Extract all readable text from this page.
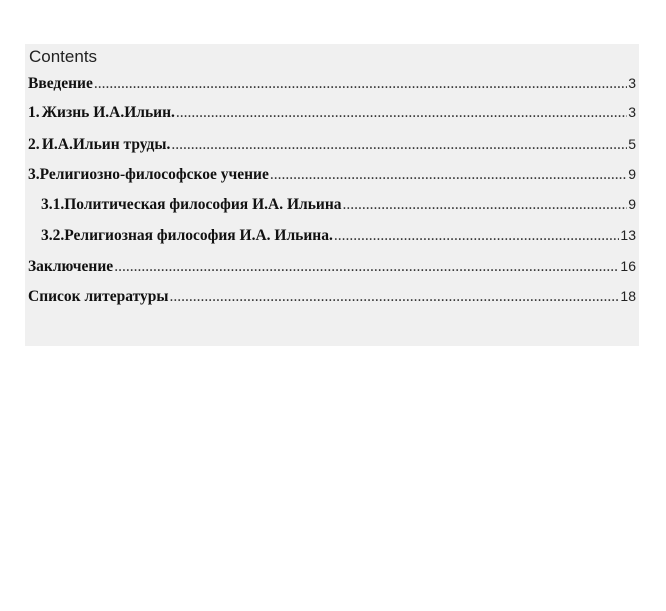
Contents
Введение .....	3
1. Жизнь И.А.Ильин. .....	3
2. И.А.Ильин труды. .....	5
3. Религиозно-философское учение .....	9
3.1. Политическая философия И.А. Ильина .....	9
3.2. Религиозная философия И.А. Ильина. .....	13
Заключение .....	16
Список литературы .....	18
